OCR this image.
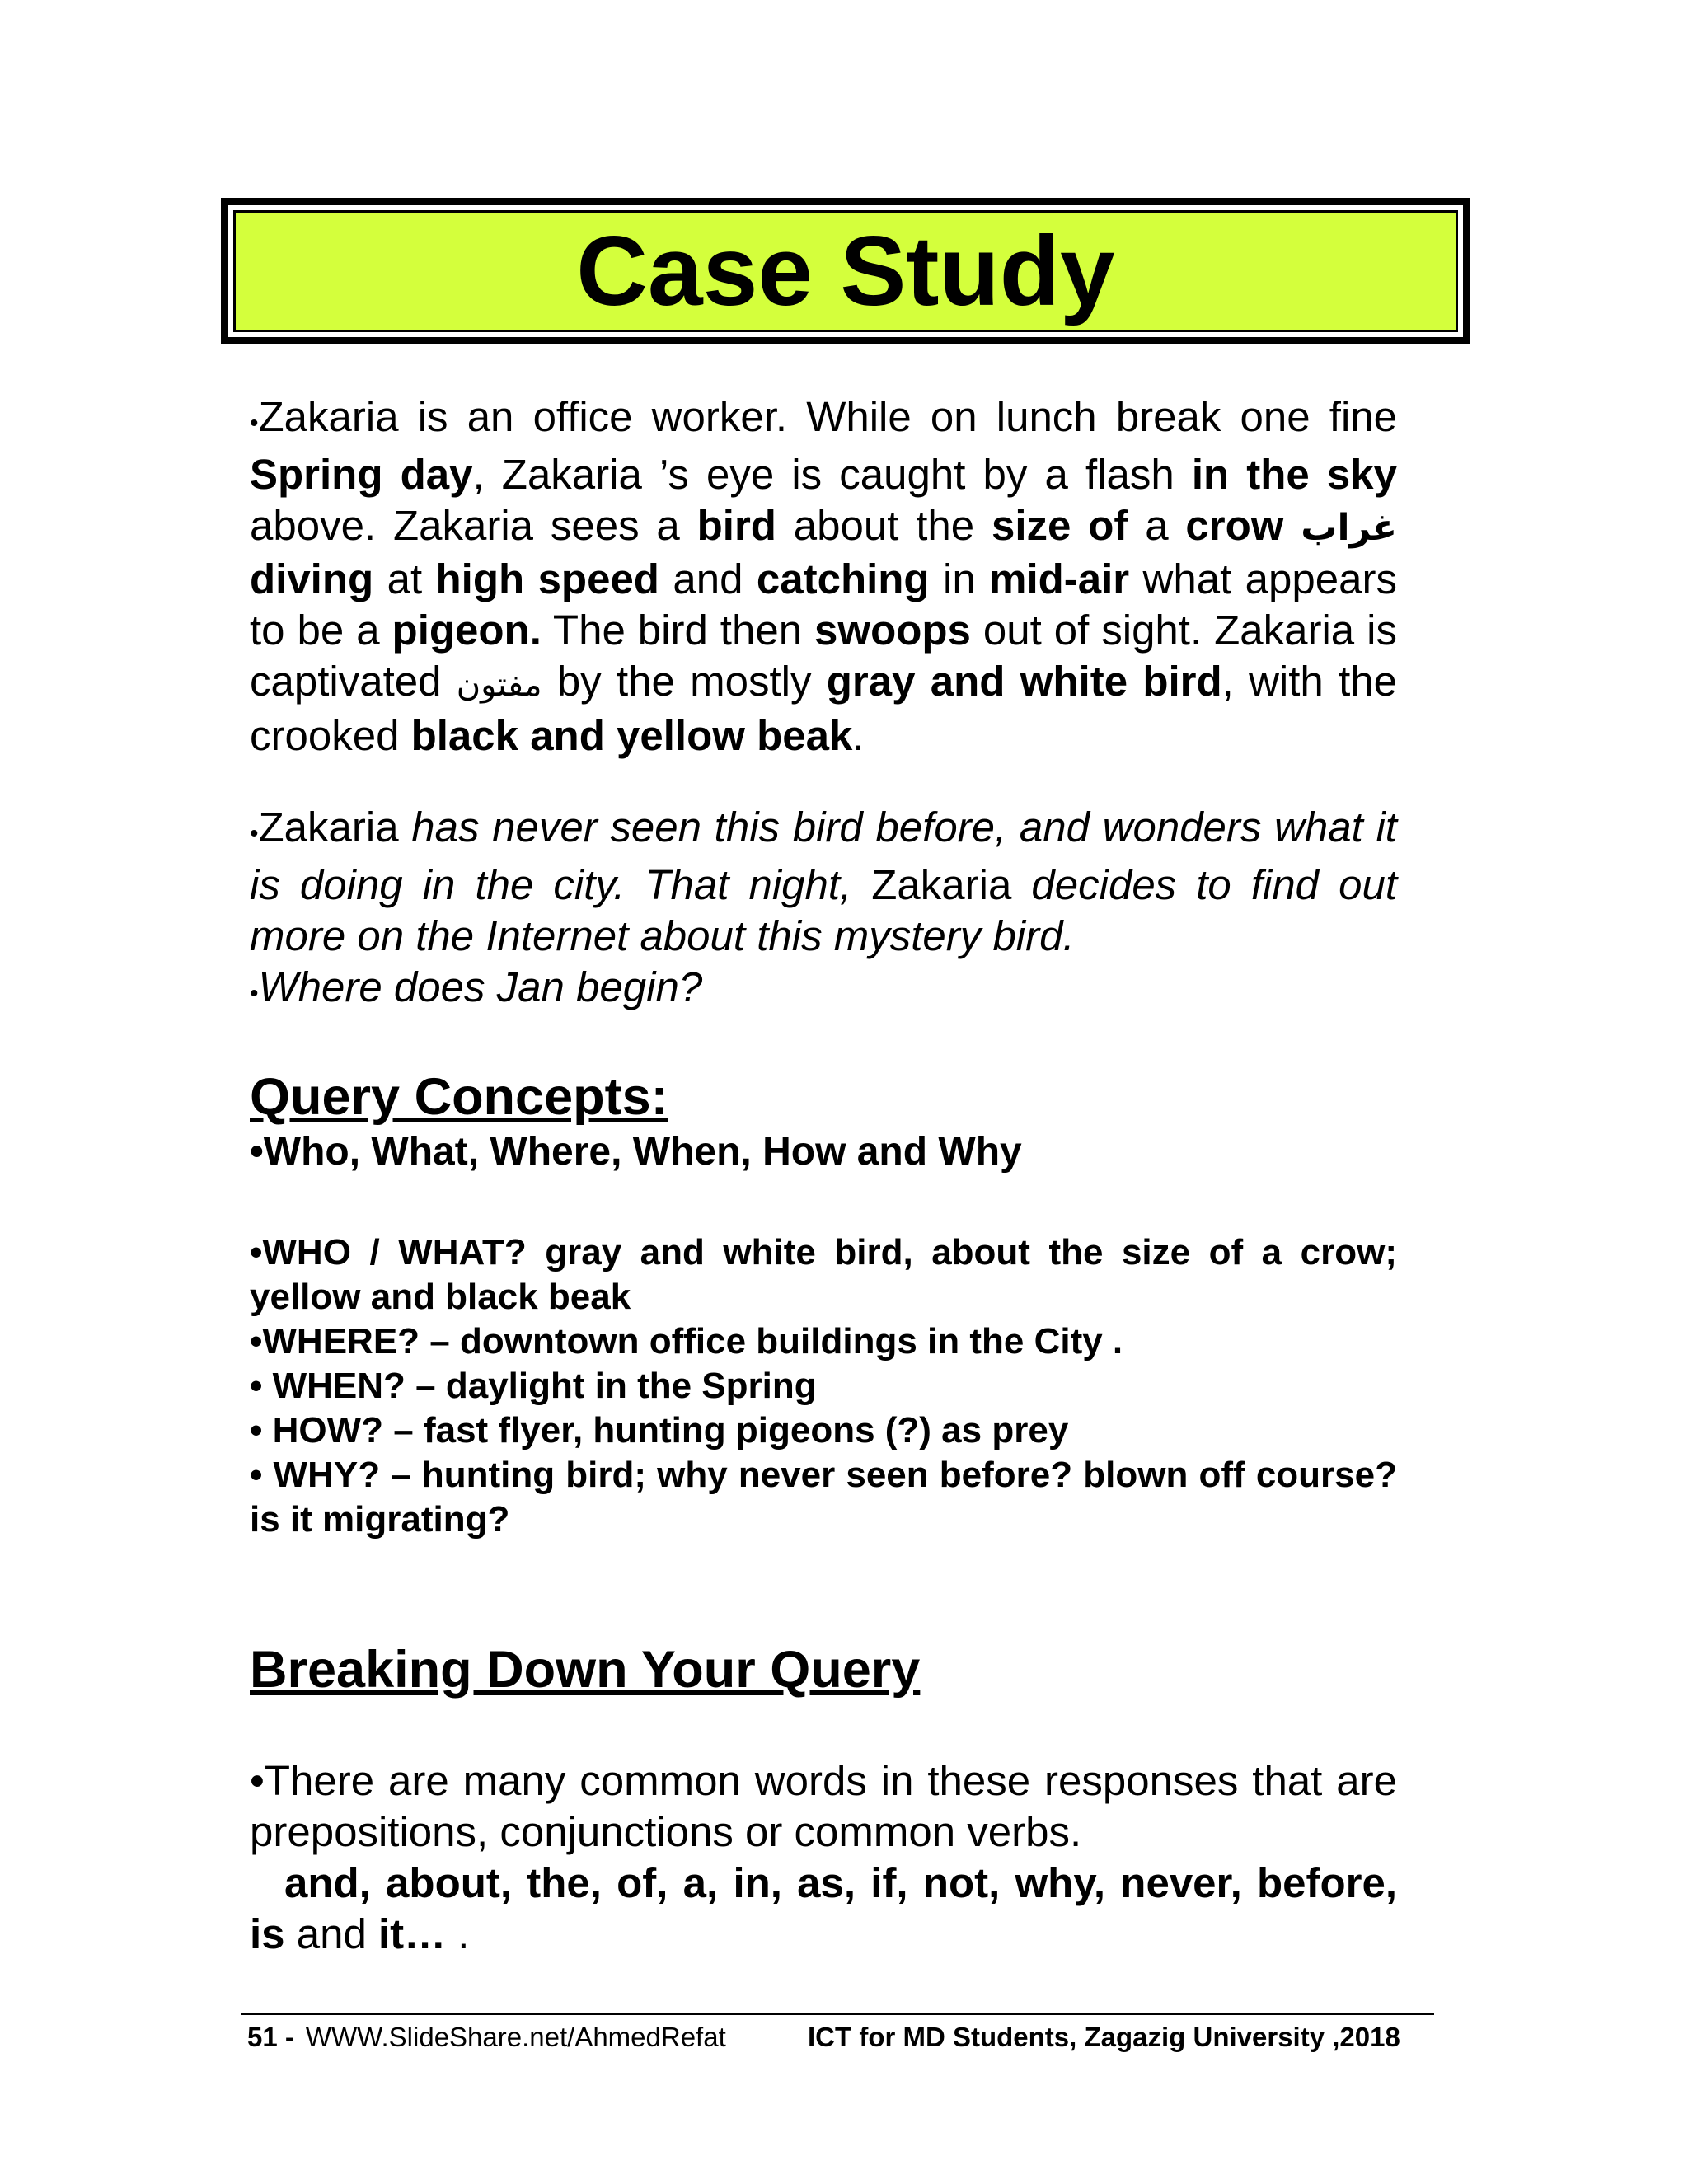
Case Study

•Zakaria is an office worker. While on lunch break one fine Spring day, Zakaria ’s eye is caught by a flash in the sky above. Zakaria sees a bird about the size of a crow غراب diving at high speed and catching in mid-air what appears to be a pigeon. The bird then swoops out of sight. Zakaria is captivated مفتون by the mostly gray and white bird, with the crooked black and yellow beak.

•Zakaria has never seen this bird before, and wonders what it is doing in the city. That night, Zakaria decides to find out more on the Internet about this mystery bird.

•Where does Jan begin?

Query Concepts:
•Who, What, Where, When, How and Why

•WHO / WHAT? gray and white bird, about the size of a crow; yellow and black beak

•WHERE? – downtown office buildings in the City .

• WHEN? – daylight in the Spring

• HOW? – fast flyer, hunting pigeons (?) as prey

• WHY? – hunting bird; why never seen before? blown off course? is it migrating?

Breaking Down Your Query

•There are many common words in these responses that are prepositions, conjunctions or common verbs.

and, about, the, of, a, in, as, if, not, why, never, before, is and it… .

51 - WWW.SlideShare.net/AhmedRefat	ICT for MD Students, Zagazig University ,2018
